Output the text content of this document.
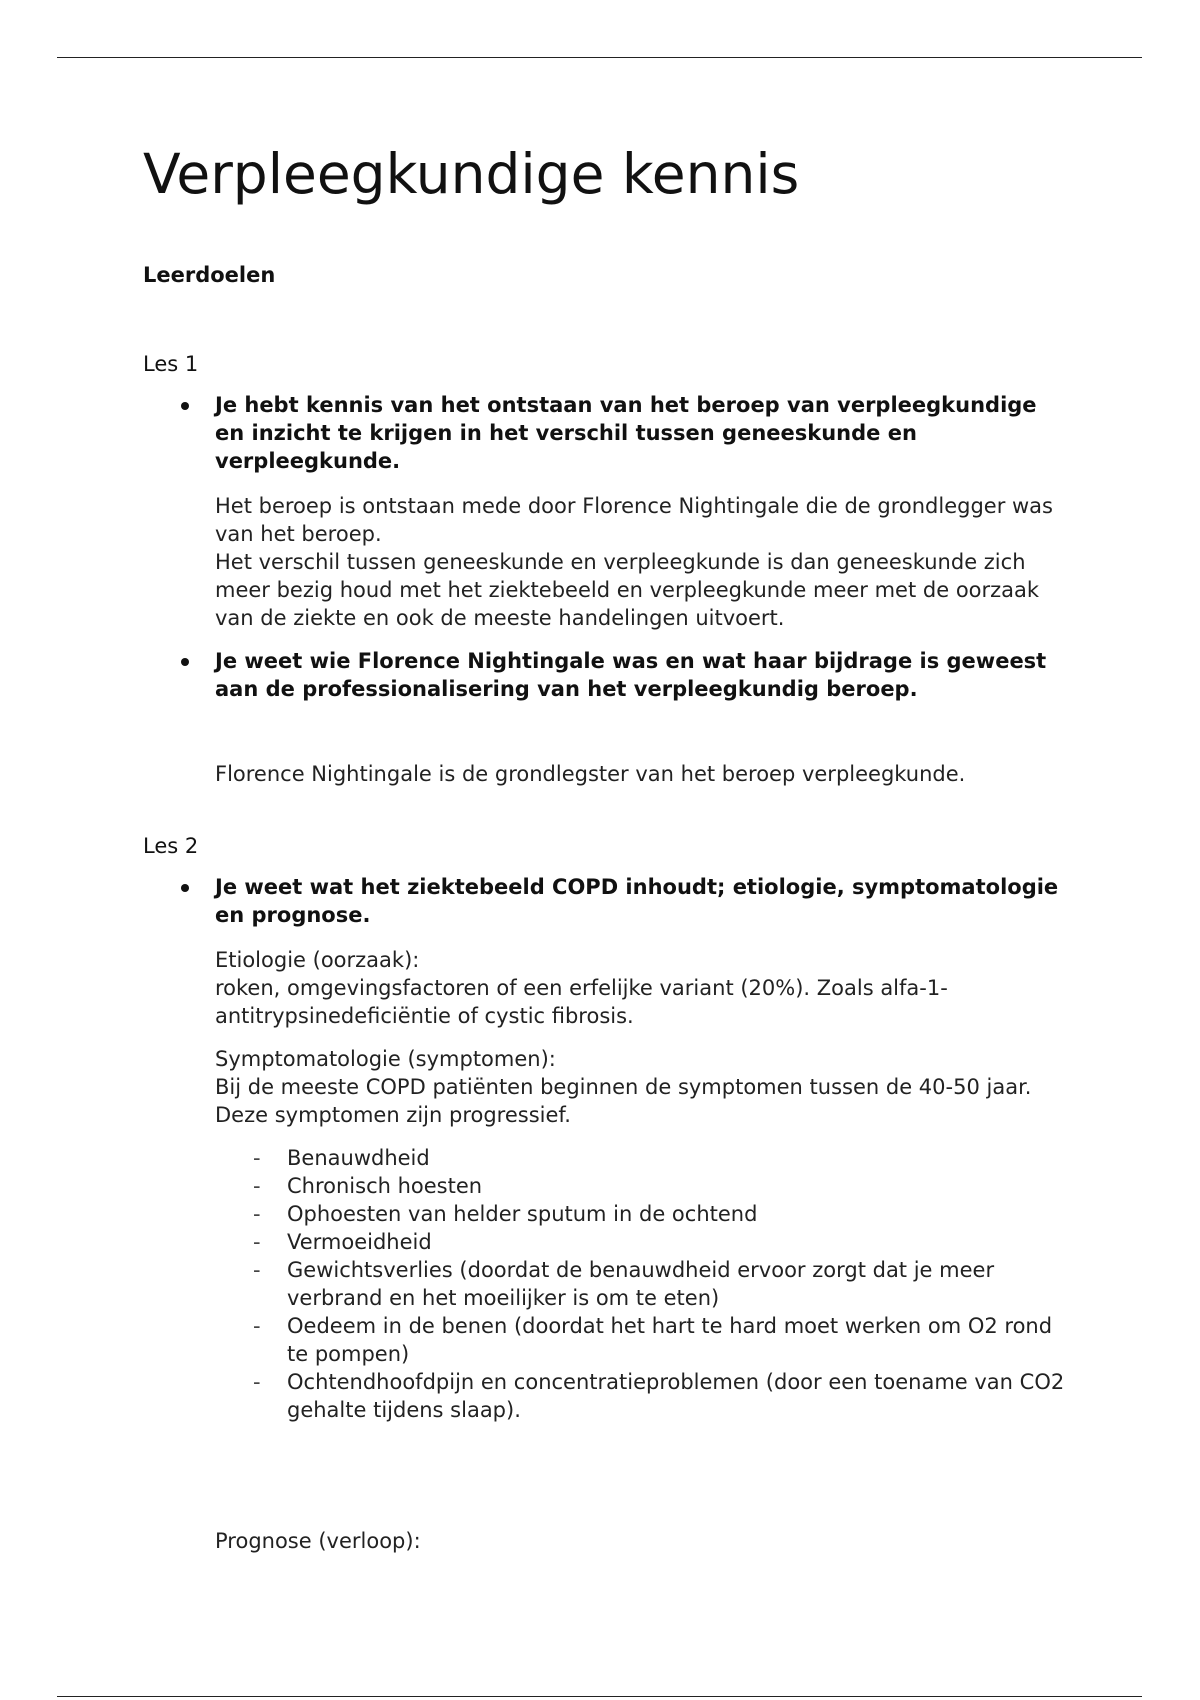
Verpleegkundige kennis

Leerdoelen

Les 1

Je hebt kennis van het ontstaan van het beroep van verpleegkundige en inzicht te krijgen in het verschil tussen geneeskunde en verpleegkunde.

Het beroep is ontstaan mede door Florence Nightingale die de grondlegger was van het beroep.

Het verschil tussen geneeskunde en verpleegkunde is dan geneeskunde zich meer bezig houd met het ziektebeeld en verpleegkunde meer met de oorzaak van de ziekte en ook de meeste handelingen uitvoert.

Je weet wie Florence Nightingale was en wat haar bijdrage is geweest aan de professionalisering van het verpleegkundig beroep.

Florence Nightingale is de grondlegster van het beroep verpleegkunde.

Les 2

Je weet wat het ziektebeeld COPD inhoudt; etiologie, symptomatologie en prognose.

Etiologie (oorzaak):

roken, omgevingsfactoren of een erfelijke variant (20%). Zoals alfa-1-antitrypsinedeficiëntie of cystic fibrosis.

Symptomatologie (symptomen):

Bij de meeste COPD patiënten beginnen de symptomen tussen de 40-50 jaar. Deze symptomen zijn progressief.

- Benauwdheid
- Chronisch hoesten
- Ophoesten van helder sputum in de ochtend
- Vermoeidheid
- Gewichtsverlies (doordat de benauwdheid ervoor zorgt dat je meer verbrand en het moeilijker is om te eten)
- Oedeem in de benen (doordat het hart te hard moet werken om O2 rond te pompen)
- Ochtendhoofdpijn en concentratieproblemen (door een toename van CO2 gehalte tijdens slaap).

Prognose (verloop):
